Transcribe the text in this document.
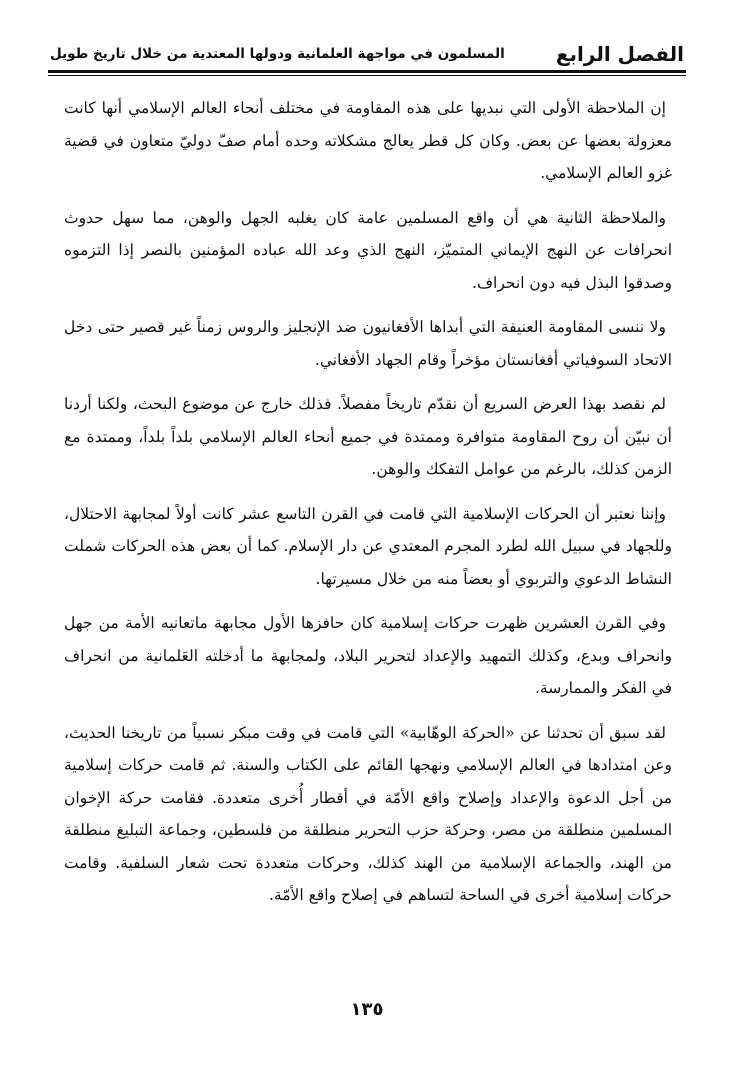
الفصل الرابع
المسلمون في مواجهة العلمانية ودولها المعتدية من خلال تاريخ طويل

إن الملاحظة الأولى التي نبديها على هذه المقاومة في مختلف أنحاء العالم الإسلامي أنها كانت معزولة بعضها عن بعض. وكان كل قطر يعالج مشكلاته وحده أمام صفّ دوليّ متعاون في قضية غزو العالم الإسلامي.

والملاحظة الثانية هي أن واقع المسلمين عامة كان يغلبه الجهل والوهن، مما سهل حدوث انحرافات عن النهج الإيماني المتميّز، النهج الذي وعد الله عباده المؤمنين بالنصر إذا التزموه وصدقوا البذل فيه دون انحراف.

ولا ننسى المقاومة العنيفة التي أبداها الأفغانيون ضد الإنجليز والروس زمناً غير قصير حتى دخل الاتحاد السوفياتي أفغانستان مؤخراً وقام الجهاد الأفغاني.

لم نقصد بهذا العرض السريع أن نقدّم تاريخاً مفصلاً. فذلك خارج عن موضوع البحث، ولكنا أردنا أن نبيّن أن روح المقاومة متوافرة وممتدة في جميع أنحاء العالم الإسلامي بلداً بلداً، وممتدة مع الزمن كذلك، بالرغم من عوامل التفكك والوهن.

وإننا نعتبر أن الحركات الإسلامية التي قامت في القرن التاسع عشر كانت أولاً لمجابهة الاحتلال، وللجهاد في سبيل الله لطرد المجرم المعتدي عن دار الإسلام. كما أن بعض هذه الحركات شملت النشاط الدعوي والتربوي أو بعضاً منه من خلال مسيرتها.

وفي القرن العشرين ظهرت حركات إسلامية كان حافزها الأول مجابهة ماتعانيه الأمة من جهل وانحراف وبدع، وكذلك التمهيد والإعداد لتحرير البلاد، ولمجابهة ما أدخلته العَلمانية من انحراف في الفكر والممارسة.

لقد سبق أن تحدثنا عن «الحركة الوهّابية» التي قامت في وقت مبكر نسبياً من تاريخنا الحديث، وعن امتدادها في العالم الإسلامي ونهجها القائم على الكتاب والسنة. ثم قامت حركات إسلامية من أجل الدعوة والإعداد وإصلاح واقع الأمّة في أقطار أُخرى متعددة. فقامت حركة الإخوان المسلمين منطلقة من مصر، وحركة حزب التحرير منطلقة من فلسطين، وجماعة التبليغ منطلقة من الهند، والجماعة الإسلامية من الهند كذلك، وحركات متعددة تحت شعار السلفية. وقامت حركات إسلامية أخرى في الساحة لتساهم في إصلاح واقع الأمّة.

١٣٥
